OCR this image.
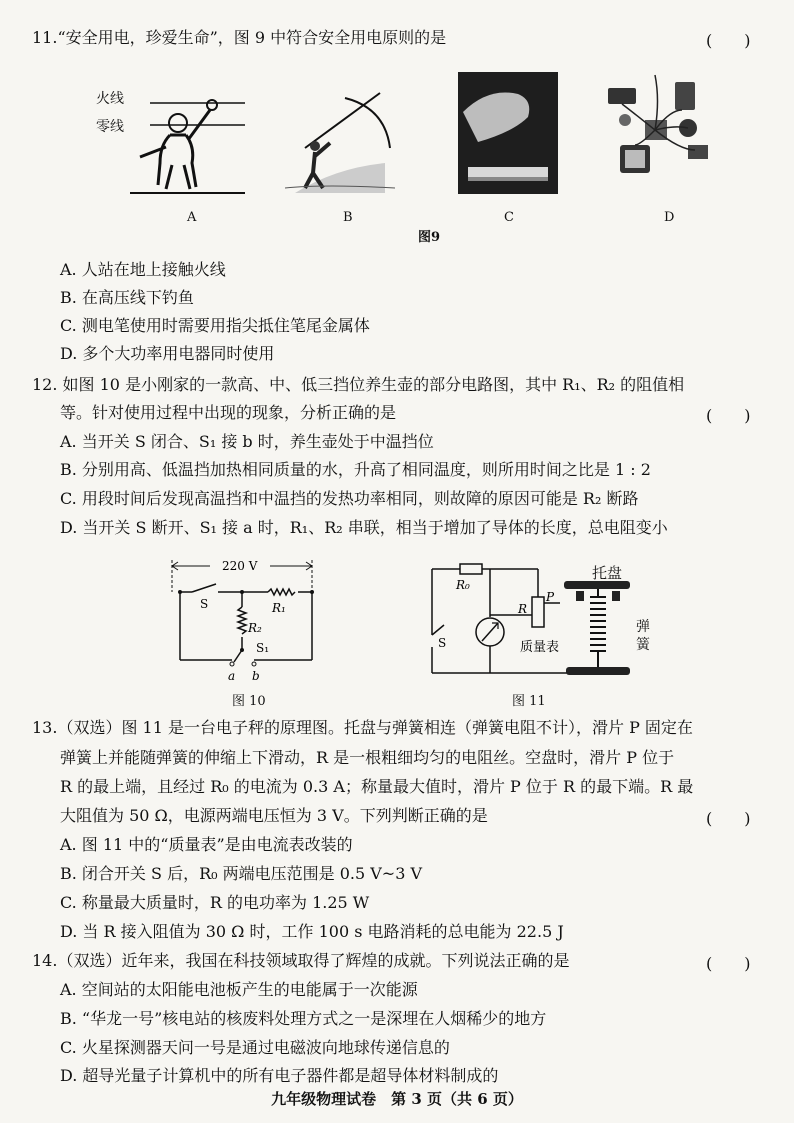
11.“安全用电，珍爱生命”，图 9 中符合安全用电原则的是	(　　)
火线
零线
A	B	C	D
图9
A. 人站在地上接触火线
B. 在高压线下钓鱼
C. 测电笔使用时需要用指尖抵住笔尾金属体
D. 多个大功率用电器同时使用
12. 如图 10 是小刚家的一款高、中、低三挡位养生壶的部分电路图，其中 R₁、R₂ 的阻值相
等。针对使用过程中出现的现象，分析正确的是	(　　)
A. 当开关 S 闭合、S₁ 接 b 时，养生壶处于中温挡位
B. 分别用高、低温挡加热相同质量的水，升高了相同温度，则所用时间之比是 1 : 2
C. 用段时间后发现高温挡和中温挡的发热功率相同，则故障的原因可能是 R₂ 断路
D. 当开关 S 断开、S₁ 接 a 时，R₁、R₂ 串联，相当于增加了导体的长度，总电阻变小
220 V
S	R₁
R₂
S₁
a b
图 10
R₀
S	质量表
R
P
托盘
弹
簧
图 11
13.（双选）图 11 是一台电子秤的原理图。托盘与弹簧相连（弹簧电阻不计），滑片 P 固定在
弹簧上并能随弹簧的伸缩上下滑动，R 是一根粗细均匀的电阻丝。空盘时，滑片 P 位于
R 的最上端，且经过 R₀ 的电流为 0.3 A；称量最大值时，滑片 P 位于 R 的最下端。R 最
大阻值为 50 Ω，电源两端电压恒为 3 V。下列判断正确的是	(　　)
A. 图 11 中的“质量表”是由电流表改装的
B. 闭合开关 S 后，R₀ 两端电压范围是 0.5 V~3 V
C. 称量最大质量时，R 的电功率为 1.25 W
D. 当 R 接入阻值为 30 Ω 时，工作 100 s 电路消耗的总电能为 22.5 J
14.（双选）近年来，我国在科技领域取得了辉煌的成就。下列说法正确的是	(　　)
A. 空间站的太阳能电池板产生的电能属于一次能源
B. “华龙一号”核电站的核废料处理方式之一是深埋在人烟稀少的地方
C. 火星探测器天问一号是通过电磁波向地球传递信息的
D. 超导光量子计算机中的所有电子器件都是超导体材料制成的
九年级物理试卷　第 3 页（共 6 页）
